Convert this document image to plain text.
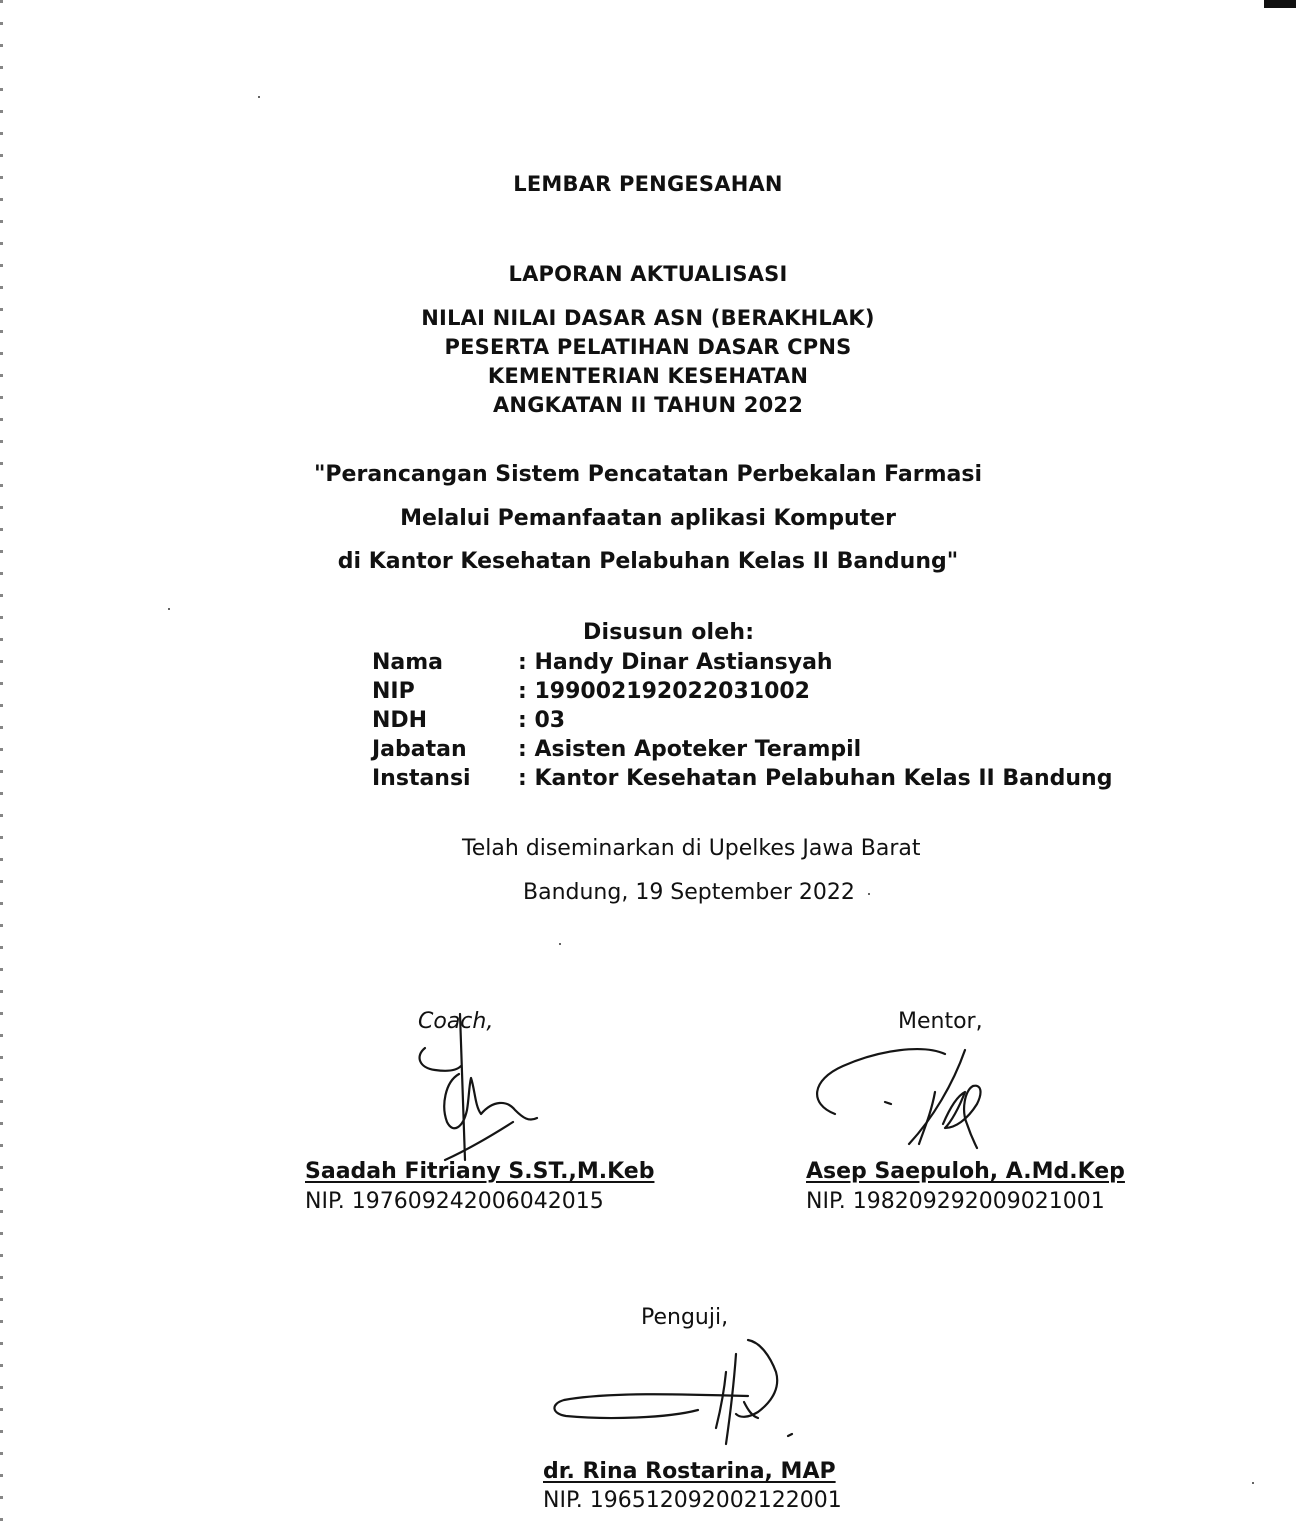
LEMBAR PENGESAHAN
LAPORAN AKTUALISASI
NILAI NILAI DASAR ASN (BERAKHLAK)
PESERTA PELATIHAN DASAR CPNS
KEMENTERIAN KESEHATAN
ANGKATAN II TAHUN 2022
"Perancangan Sistem Pencatatan Perbekalan Farmasi
Melalui Pemanfaatan aplikasi Komputer
di Kantor Kesehatan Pelabuhan Kelas II Bandung"
Disusun oleh:
Nama	: Handy Dinar Astiansyah
NIP	: 199002192022031002
NDH	: 03
Jabatan : Asisten Apoteker Terampil
Instansi : Kantor Kesehatan Pelabuhan Kelas II Bandung
Telah diseminarkan di Upelkes Jawa Barat
Bandung, 19 September 2022
Coach,
Saadah Fitriany S.ST.,M.Keb
NIP. 197609242006042015
Mentor,
Asep Saepuloh, A.Md.Kep
NIP. 198209292009021001
Penguji,
dr. Rina Rostarina, MAP
NIP. 196512092002122001
